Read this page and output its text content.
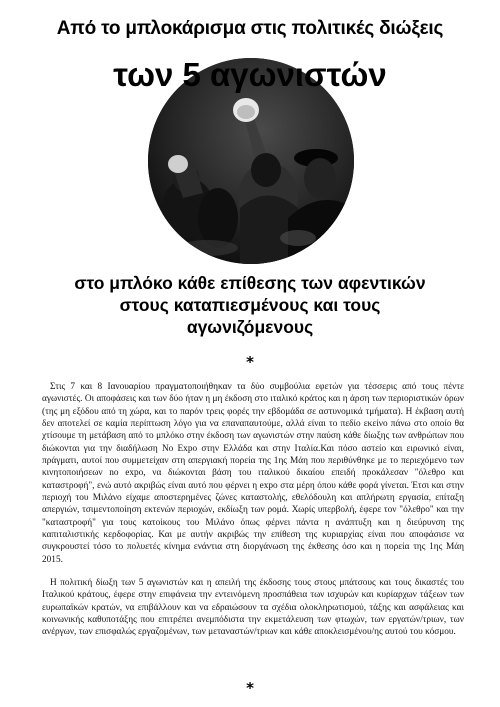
Από το μπλοκάρισμα στις πολιτικές διώξεις
των 5 αγωνιστών
στο μπλόκο κάθε επίθεσης των αφεντικών
στους καταπιεσμένους και τους
αγωνιζόμενους
*

Στις 7 και 8 Ιανουαρίου πραγματοποιήθηκαν τα δύο συμβούλια εφετών για τέσσερις από τους πέντε αγωνιστές. Οι αποφάσεις και των δύο ήταν η μη έκδοση στο ιταλικό κράτος και η άρση των περιοριστικών όρων (της μη εξόδου από τη χώρα, και το παρόν τρεις φορές την εβδομάδα σε αστυνομικά τμήματα). Η έκβαση αυτή δεν αποτελεί σε καμία περίπτωση λόγο για να επαναπαυτούμε, αλλά είναι το πεδίο εκείνο πάνω στο οποίο θα χτίσουμε τη μετάβαση από το μπλόκο στην έκδοση των αγωνιστών στην παύση κάθε δίωξης των ανθρώπων που διώκονται για την διαδήλωση Νο Expo στην Ελλάδα και στην Ιταλία.Και πόσο αστείο και ειρωνικό είναι, πράγματι, αυτοί που συμμετείχαν στη απεργιακή πορεία της 1ης Μάη που περιθύνθηκε με το περιεχόμενο των κινητοποιήσεων no expo, να διώκονται βάση του ιταλικού δικαίου επειδή προκάλεσαν "όλεθρο και καταστροφή", ενώ αυτό ακριβώς είναι αυτό που φέρνει η expo στα μέρη όπου κάθε φορά γίνεται. Έτσι και στην περιοχή του Μιλάνο είχαμε αποστερημένες ζώνες καταστολής, εθελόδουλη και απλήρωτη εργασία, επίταξη απεργιών, τσιμεντοποίηση εκτενών περιοχών, εκδίωξη των ρομά. Χωρίς υπερβολή, έφερε τον "όλεθρο" και την "καταστροφή" για τους κατοίκους του Μιλάνο όπως φέρνει πάντα η ανάπτυξη και η διεύρυνση της καπιταλιστικής κερδοφορίας. Και με αυτήν ακριβώς την επίθεση της κυριαρχίας είναι που αποφάσισε να συγκρουστεί τόσο το πολυετές κίνημα ενάντια στη διοργάνωση της έκθεσης όσο και η πορεία της 1ης Μάη 2015.

Η πολιτική δίωξη των 5 αγωνιστών και η απειλή της έκδοσης τους στους μπάτσους και τους δικαστές του Ιταλικού κράτους, έφερε στην επιφάνεια την εντεινόμενη προσπάθεια των ισχυρών και κυρίαρχων τάξεων των ευρωπαϊκών κρατών, να επιβάλλουν και να εδραιώσουν τα σχέδια ολοκληρωτισμού, τάξης και ασφάλειας και κοινωνικής καθυποτάξης που επιτρέπει ανεμπόδιστα την εκμετάλευση των φτωχών, των εργατών/τριων, των ανέργων, των επισφαλώς εργαζομένων, των μεταναστών/τριων και κάθε αποκλεισμένου/ης αυτού του κόσμου.

*
